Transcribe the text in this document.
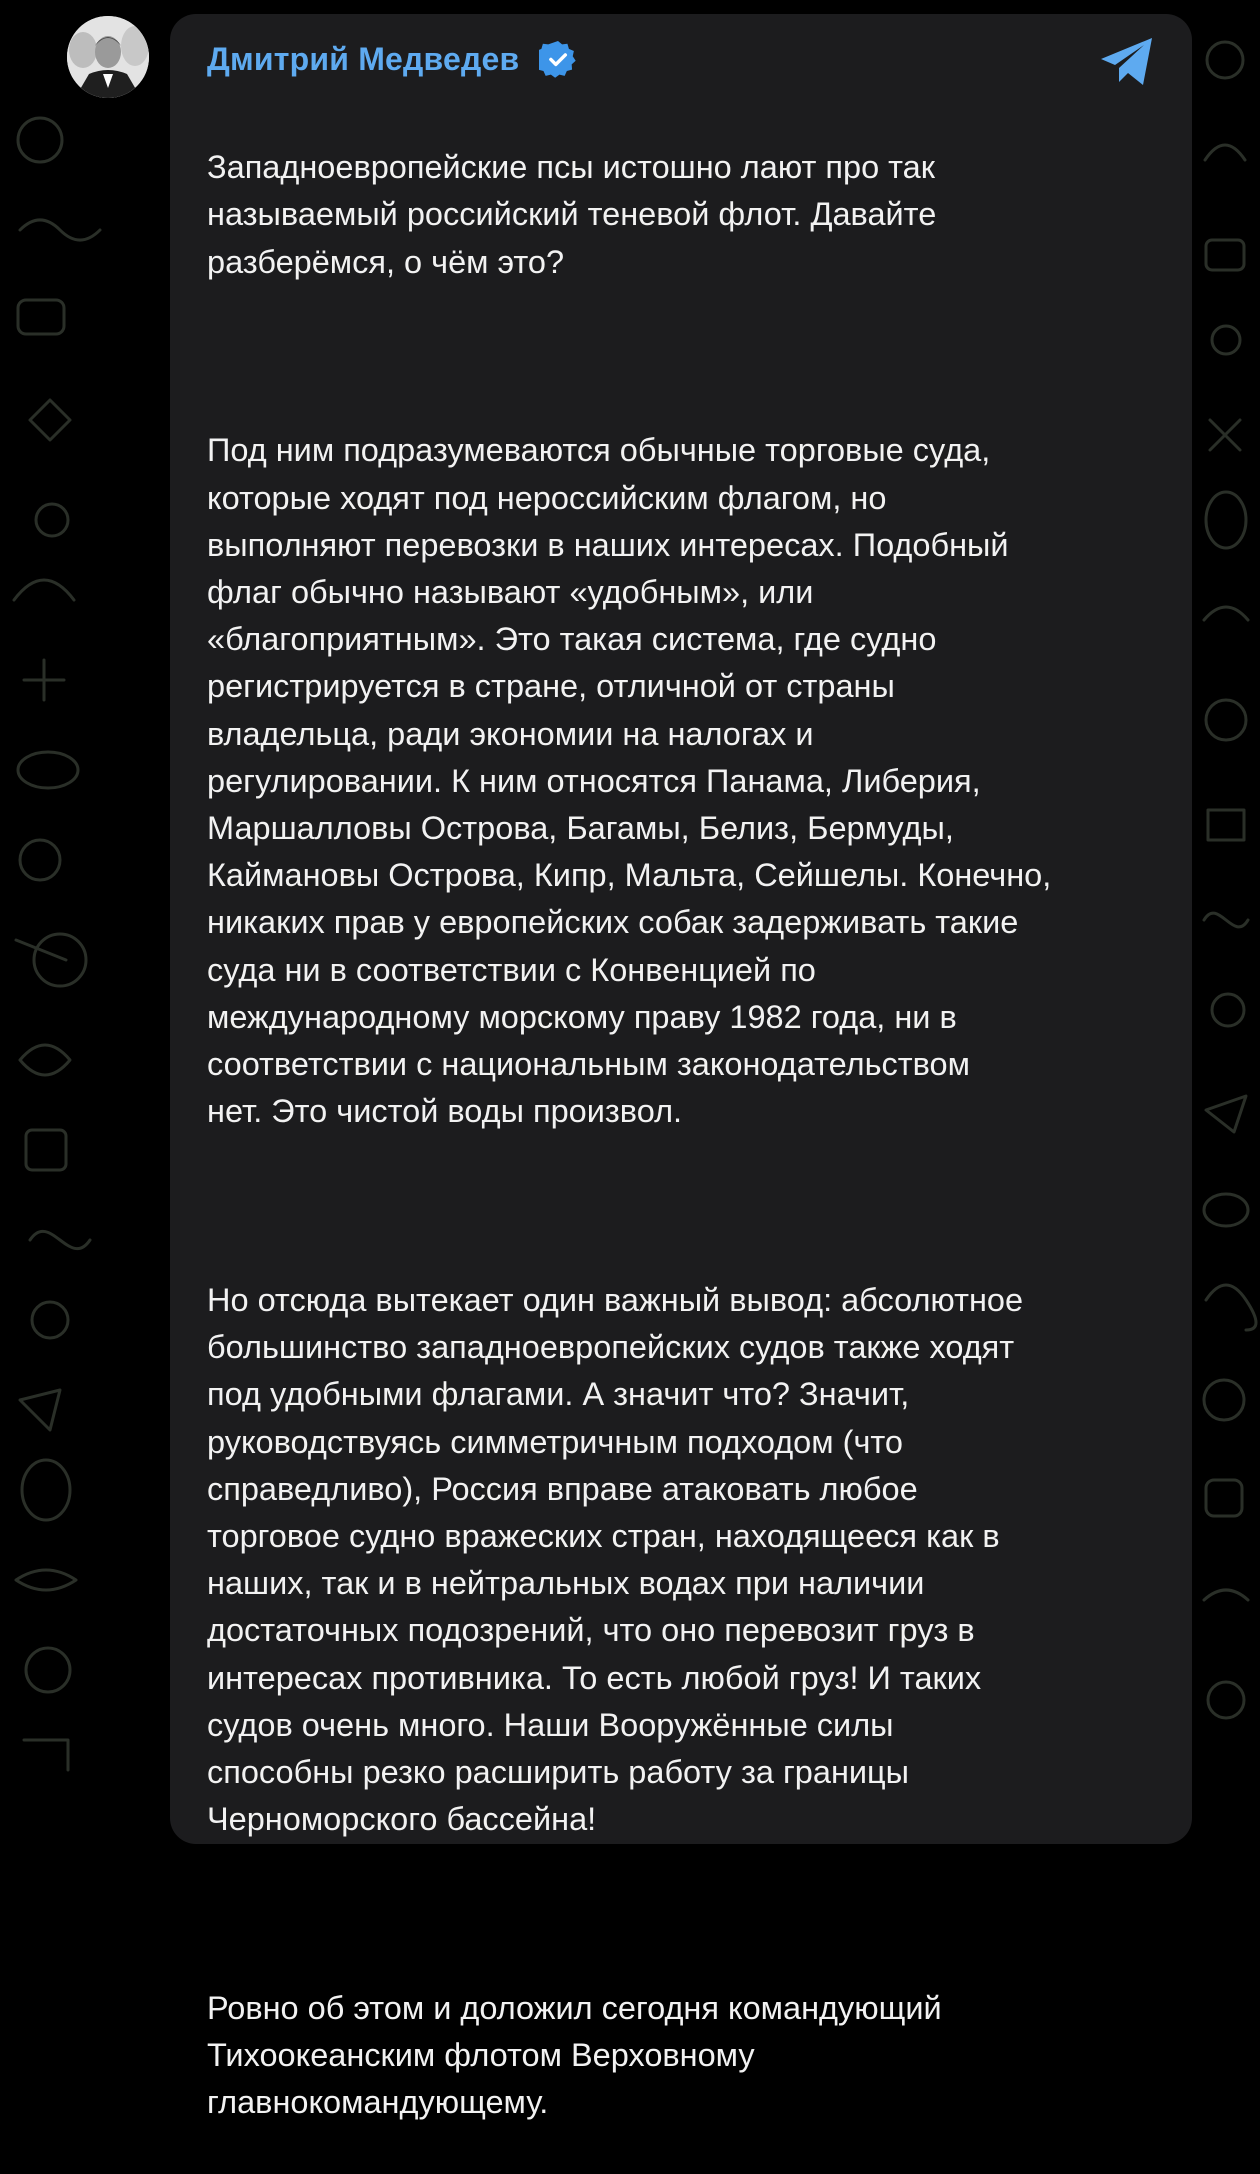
Дмитрий Медведев

Западноевропейские псы истошно лают про так
называемый российский теневой флот. Давайте
разберёмся, о чём это?

Под ним подразумеваются обычные торговые суда,
которые ходят под нероссийским флагом, но
выполняют перевозки в наших интересах. Подобный
флаг обычно называют «удобным», или
«благоприятным». Это такая система, где судно
регистрируется в стране, отличной от страны
владельца, ради экономии на налогах и
регулировании. К ним относятся Панама, Либерия,
Маршалловы Острова, Багамы, Белиз, Бермуды,
Каймановы Острова, Кипр, Мальта, Сейшелы. Конечно,
никаких прав у европейских собак задерживать такие
суда ни в соответствии с Конвенцией по
международному морскому праву 1982 года, ни в
соответствии с национальным законодательством
нет. Это чистой воды произвол.

Но отсюда вытекает один важный вывод: абсолютное
большинство западноевропейских судов также ходят
под удобными флагами. А значит что? Значит,
руководствуясь симметричным подходом (что
справедливо), Россия вправе атаковать любое
торговое судно вражеских стран, находящееся как в
наших, так и в нейтральных водах при наличии
достаточных подозрений, что оно перевозит груз в
интересах противника. То есть любой груз! И таких
судов очень много. Наши Вооружённые силы
способны резко расширить работу за границы
Черноморского бассейна!

Ровно об этом и доложил сегодня командующий
Тихоокеанским флотом Верховному
главнокомандующему.
